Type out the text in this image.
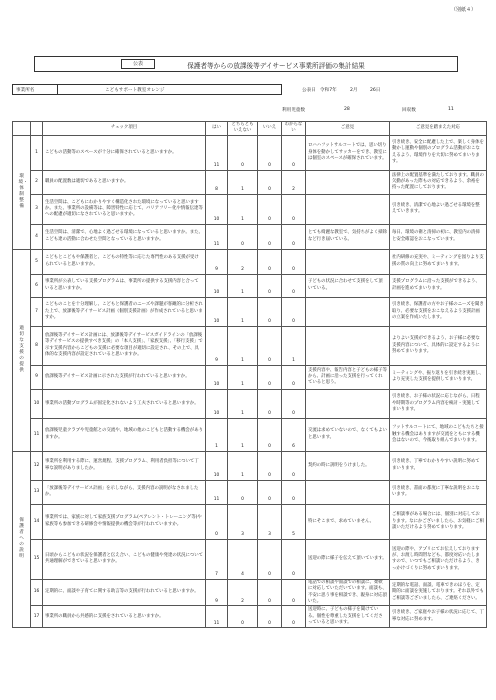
（別紙４）
公表	保護者等からの放課後等デイサービス事業所評価の集計結果
事業所名	こどもサポート教室オレンジ	公表日 令和7年	2月	26日
利用児童数	28	回収数	11
		チェック項目	はい	どちらともいえない	いいえ	わからない	ご意見	ご意見を踏まえた対応
環境・体制整備	1	こどもの活動等のスペースが十分に確保されていると思いますか。	11	0	0	0	ロハハフットサルコートでは、思い切り身体を動かしてサッカーをでき、教室には個室のスペースが確保されています。	引き続き、安全に配慮した上で、楽しく身体を動かし運動や個別のプログラム活動がおこなえるよう、環境作りを大切に努めてまいります。
	2	職員の配置数は適切であると思いますか。	8	1	0	2		法律上の配置基準を満たしております。職員の欠勤があった際もの対応できるよう、余裕を持った配置にしております。
	3	生活空間は、こどもにわかりやすく構造化された環境になっていると思いますか。また、事業所の設備等は、障害特性に応じて、バリアフリー化や情報伝達等への配慮が適切になされていると思いますか。	10	1	0	0		引き続き、清潔で心地よい過ごせる環境を整えていきます。
	4	生活空間は、清潔で、心地よく過ごせる環境になっていると思いますか。また、こども達の活動に合わせた空間となっていると思いますか。	11	0	0	0	とても綺麗な教室で、気持ちがよく掃除など行き届いている。	毎日、環境の衛と清掃の初に、教室内の清掃と安全確認をおこなっています。
適切な支援の提供	5	こどもとこどもや保護者と、こどもの特性等に応じた専門性のある支援が受けられていると思いますか。	9	2	0	0		社内研修の充実や、ミーティングを図りより支援の質の向上に努めてまいります。
	6	事業所が公表している支援プログラムは、事業所の提供する支援内容と合っていると思いますか。	10	1	0	0	子どもの状況に合わせて支援をして頂いている。	支援プログラムに沿った支援ができるよう、計画を進めてまいります。
	7	こどものことを十分理解し、こどもと保護者のニーズや課題が客観的に分析された上で、放課後等デイサービス計画（個別支援計画）が作成されていると思いますか。	10	1	0	0		引き続き、保護者の方やお子様のニーズを聞き取り、必要な支援をおこなえるよう支援計画の立案を作成いたします。
	8	放課後等デイサービス計画には、放課後等デイサービスガイドラインの「放課後等デイサービスの提供すべき支援」の「本人支援」、「家族支援」、「移行支援」で示す支援内容からこどもの支援に必要な項目が適切に設定され、その上で、具体的な支援内容が設定されていると思いますか。	9	1	0	1		よりよい支援ができるよう、お子様に必要な支援内容について、具体的に設定するように努めてまいります。
	9	放課後等デイサービス計画に示された支援が行われていると思いますか。	10	1	0	0	支援内容や、報告内容と子どもの様子等から、計画に沿った支援を行ってくれていると思う。	ミーティングや、振り返りを引き続き実施し、より充実した支援を提供してまいります。
	10	事業所の活動プログラムが固定化されないよう工夫されていると思いますか。	10	1	0	0		引き続き、お子様の状況に応じながら、日程や時期等のプログラム内容を検討・実施してまいります。
	11	放課後児童クラブや児童館との交流や、地域の他のこどもと活動する機会がありますか。	1	1	0	6	交流は求めていないので、なくてもよいと思います。	フットサルコートにて、地域のこどもたちと接触する機会はありますが交流をともにする機会はないので、今後取り組んでまいります。
保護者への説明	12	事業所を利用する際に、運営規程、支援プログラム、利用者負担等について丁寧な説明がありましたか。	10	1	0	0	契約の時に説明をうけました。	引き続き、丁寧でわかりやすい説明に努めてまいります。
	13	「放課後等デイサービス計画」を示しながら、支援内容の説明がなされましたか。	11	0	0	0		引き続き、書面の都度に丁寧な説明をおこないます。
	14	事業所では、家族に対して家族支援プログラム(ペアレント・トレーニング等)や家族等も参加できる研修会や情報提供の機会等が行われていますか。	0	3	3	5	特にそこまで、求めていません。	ご相談事がある場合には、個別に対応しております。なにかございましたら、お気軽にご相談いただけるよう努めてまいります。
	15	日頃からこどもの状況を保護者と伝え合い、こどもの健康や発達の状況について共通理解ができていると思いますか。	7	4	0	0	送迎の際に様子を伝えて頂いています。	送迎の際や、アプリにてお伝えしておりますが、お渡し時間帯なども、都度対応いたしますので、いつでもご相談いただけるよう、きっかけづくりに努めてまいります。
	16	定期的に、面談や子育てに関する助言等の支援が行われていると思いますか。	9	2	0	0	電話での相談や面談での相談に、柔軟に対応していただいています。面談も、不安に思う事を相談でき、親身に対応頂いた。	定期的な電話、面談、電車できのほうを、定期的に面談を実施しております。それ以外でもご相談等ございましたら、ご連絡ください。
	17	事業所の職員から共感的に支援をされていると思いますか。	11	0	0	0	送迎時に、子どもの様子を聞けている。個性を尊重した支援をしてくださっていると思います。	引き続き、ご家庭やお子様の状況に応じて、丁寧な対応に努めます。
